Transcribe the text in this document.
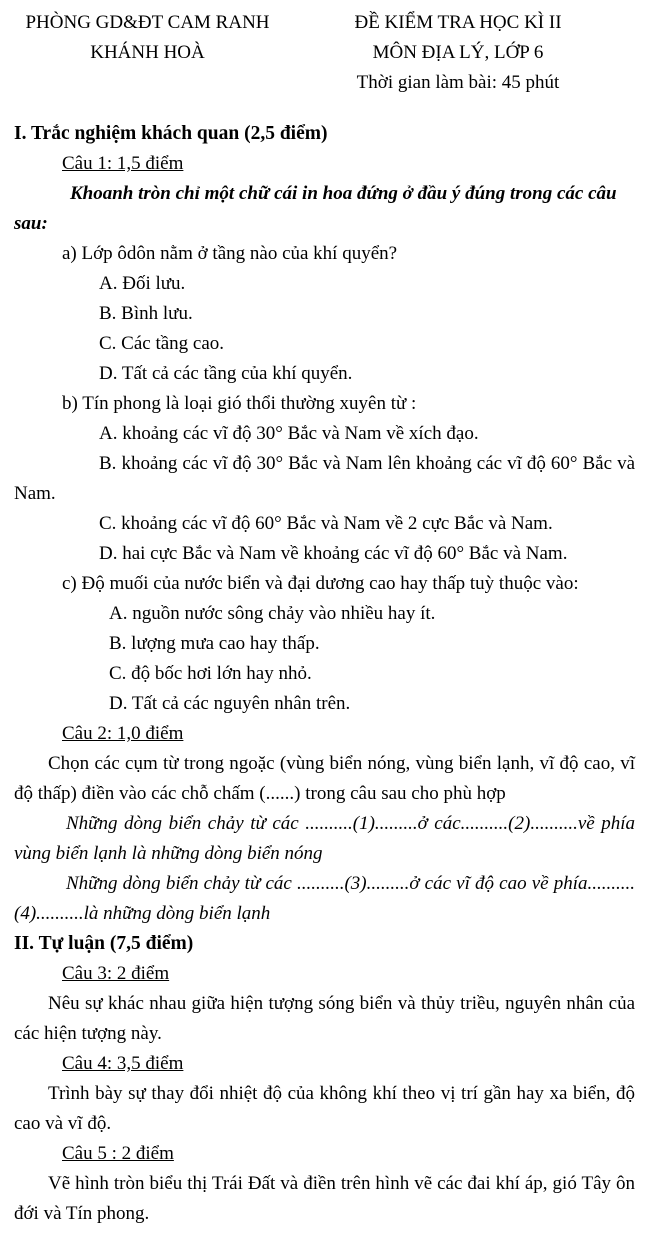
PHÒNG GD&ĐT CAM RANH

KHÁNH HOÀ

ĐỀ KIỂM TRA HỌC KÌ II

MÔN ĐỊA LÝ, LỚP 6

Thời gian làm bài: 45 phút

I. Trắc nghiệm khách quan (2,5 điểm)

Câu 1: 1,5 điểm

Khoanh tròn chỉ một chữ cái in hoa đứng ở đầu ý đúng trong các câu sau:

a) Lớp ôdôn nằm ở tầng nào của khí quyển?

A. Đối lưu.

B. Bình lưu.

C. Các tầng cao.

D. Tất cả các tầng của khí quyển.

b) Tín phong là loại gió thổi thường xuyên từ :

A. khoảng các vĩ độ 30° Bắc và Nam về xích đạo.

B. khoảng các vĩ độ 30° Bắc và Nam lên khoảng các vĩ độ 60° Bắc và Nam.

C. khoảng các vĩ độ 60° Bắc và Nam về 2 cực Bắc và Nam.

D. hai cực Bắc và Nam về khoảng các vĩ độ 60° Bắc và Nam.

c) Độ muối của nước biển và đại dương cao hay thấp tuỳ thuộc vào:

A. nguồn nước sông chảy vào nhiều hay ít.

B. lượng mưa cao hay thấp.

C. độ bốc hơi lớn hay nhỏ.

D. Tất cả các nguyên nhân trên.

Câu 2: 1,0 điểm

Chọn các cụm từ trong ngoặc (vùng biển nóng, vùng biển lạnh, vĩ độ cao, vĩ độ thấp) điền vào các chỗ chấm (......) trong câu sau cho phù hợp

Những dòng biển chảy từ các ..........(1).........ở các..........(2)..........về phía vùng biển lạnh là những dòng biển nóng

Những dòng biển chảy từ các ..........(3).........ở các vĩ độ cao về phía..........(4)..........là những dòng biển lạnh

II. Tự luận (7,5 điểm)

Câu 3: 2 điểm

Nêu sự khác nhau giữa hiện tượng sóng biển và thủy triều, nguyên nhân của các hiện tượng này.

Câu 4: 3,5 điểm

Trình bày sự thay đổi nhiệt độ của không khí theo vị trí gần hay xa biển, độ cao và vĩ độ.

Câu 5 : 2 điểm

Vẽ hình tròn biểu thị Trái Đất và điền trên hình vẽ các đai khí áp, gió Tây ôn đới và Tín phong.
